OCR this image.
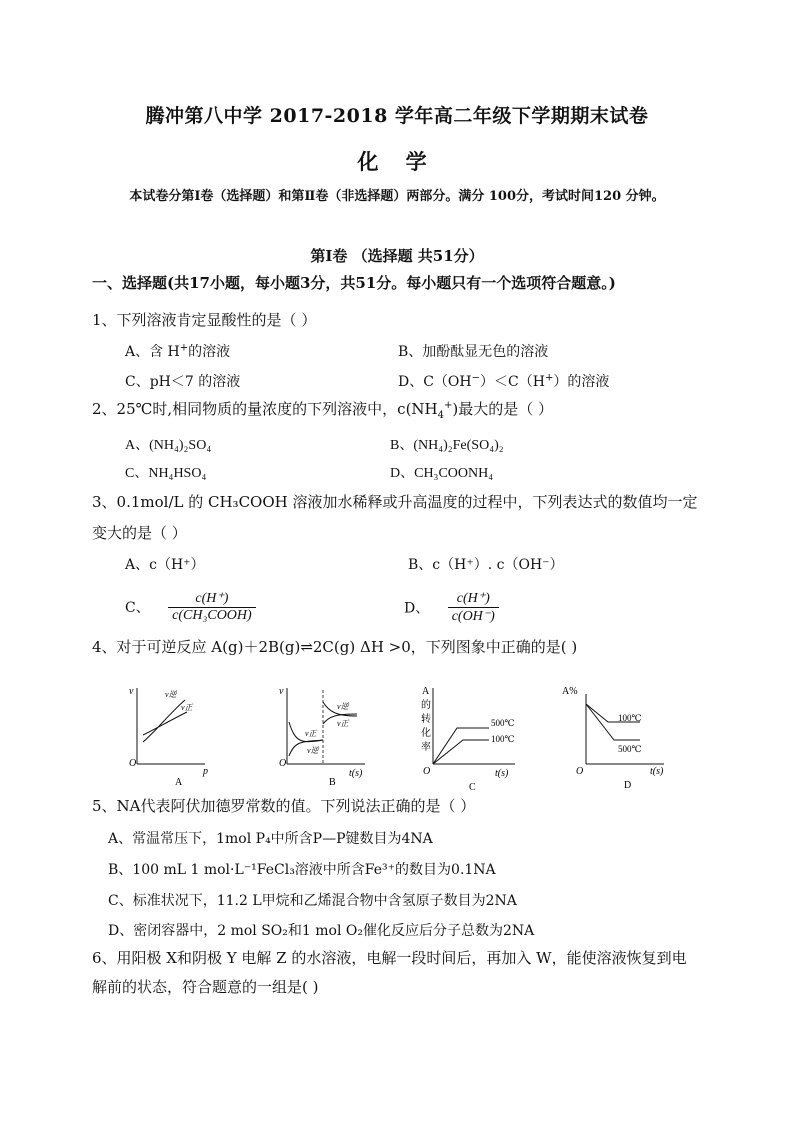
腾冲第八中学 2017-2018 学年高二年级下学期期末试卷
化 学
本试卷分第Ⅰ卷（选择题）和第Ⅱ卷（非选择题）两部分。满分 100分，考试时间120 分钟。
第Ⅰ卷 （选择题 共51分）
一、选择题(共17小题，每小题3分，共51分。每小题只有一个选项符合题意。)
1、下列溶液肯定显酸性的是（ ）
A、含 H+的溶液	B、加酚酞显无色的溶液
C、pH＜7 的溶液	D、C（OH−）＜C（H+）的溶液
2、25℃时,相同物质的量浓度的下列溶液中，$c(NH_4^+)$最大的是（ ）
A、(NH₄)₂SO₄	B、(NH₄)₂Fe(SO₄)₂
C、NH₄HSO₄	D、CH₃COONH₄
3、0.1mol/L 的 CH₃COOH 溶液加水稀释或升高温度的过程中，下列表达式的数值均一定
变大的是（ ）
A、c（H⁺）	B、c（H⁺）. c（OH⁻）
C、 $\frac{c(H^+)}{\text{c(CH₃COOH)}}$	D、 $\frac{c(H^+)}{c(OH^-)}$
4、对于可逆反应 A(g)＋2B(g)⇌2C(g) ΔH >0，下列图象中正确的是( )
v
p
O
v逆
v正
A
v
t(s)
O
v正
v逆
v逆
v正
B
A
的
转
化
率
t(s)
O
500℃
100℃
C
A%
t(s)
O
100℃
500℃
D
5、NA代表阿伏加德罗常数的值。下列说法正确的是（ ）
A、常温常压下，1mol P₄中所含P—P键数目为4NA
B、100 mL 1 mol·L⁻¹FeCl₃溶液中所含Fe³⁺的数目为0.1NA
C、标准状况下，11.2 L甲烷和乙烯混合物中含氢原子数目为2NA
D、密闭容器中，2 mol SO₂和1 mol O₂催化反应后分子总数为2NA
6、用阳极 X和阴极 Y 电解 Z 的水溶液，电解一段时间后，再加入 W，能使溶液恢复到电
解前的状态，符合题意的一组是( )
